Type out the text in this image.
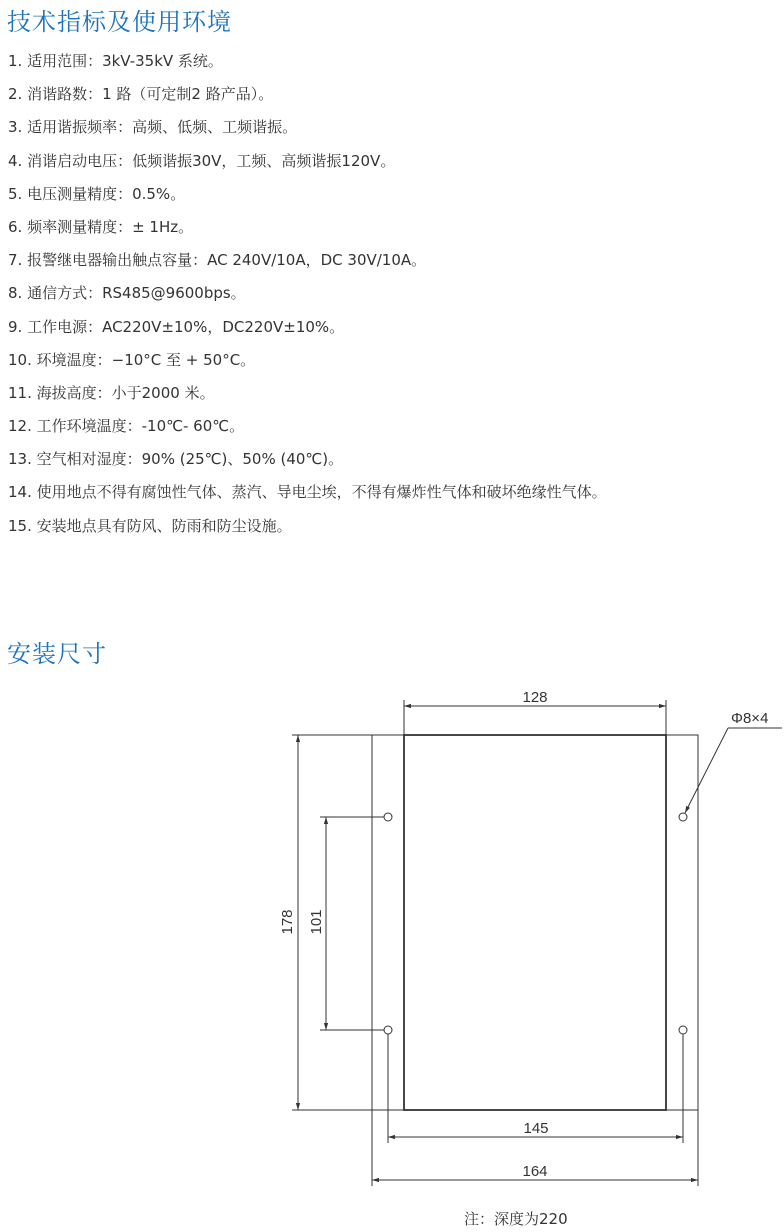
技术指标及使用环境
1. 适用范围：3kV-35kV 系统。
2. 消谐路数：1 路（可定制2 路产品）。
3. 适用谐振频率：高频、低频、工频谐振。
4. 消谐启动电压：低频谐振30V，工频、高频谐振120V。
5. 电压测量精度：0.5%。
6. 频率测量精度：± 1Hz。
7. 报警继电器输出触点容量：AC 240V/10A，DC 30V/10A。
8. 通信方式：RS485@9600bps。
9. 工作电源：AC220V±10%，DC220V±10%。
10. 环境温度：−10°C 至 + 50°C。
11. 海拔高度：小于2000 米。
12. 工作环境温度：-10℃- 60℃。
13. 空气相对湿度：90% (25℃)、50% (40℃)。
14. 使用地点不得有腐蚀性气体、蒸汽、导电尘埃，不得有爆炸性气体和破坏绝缘性气体。
15. 安装地点具有防风、防雨和防尘设施。
安装尺寸
128
Φ8×4
178 101
145
164
注：深度为220
